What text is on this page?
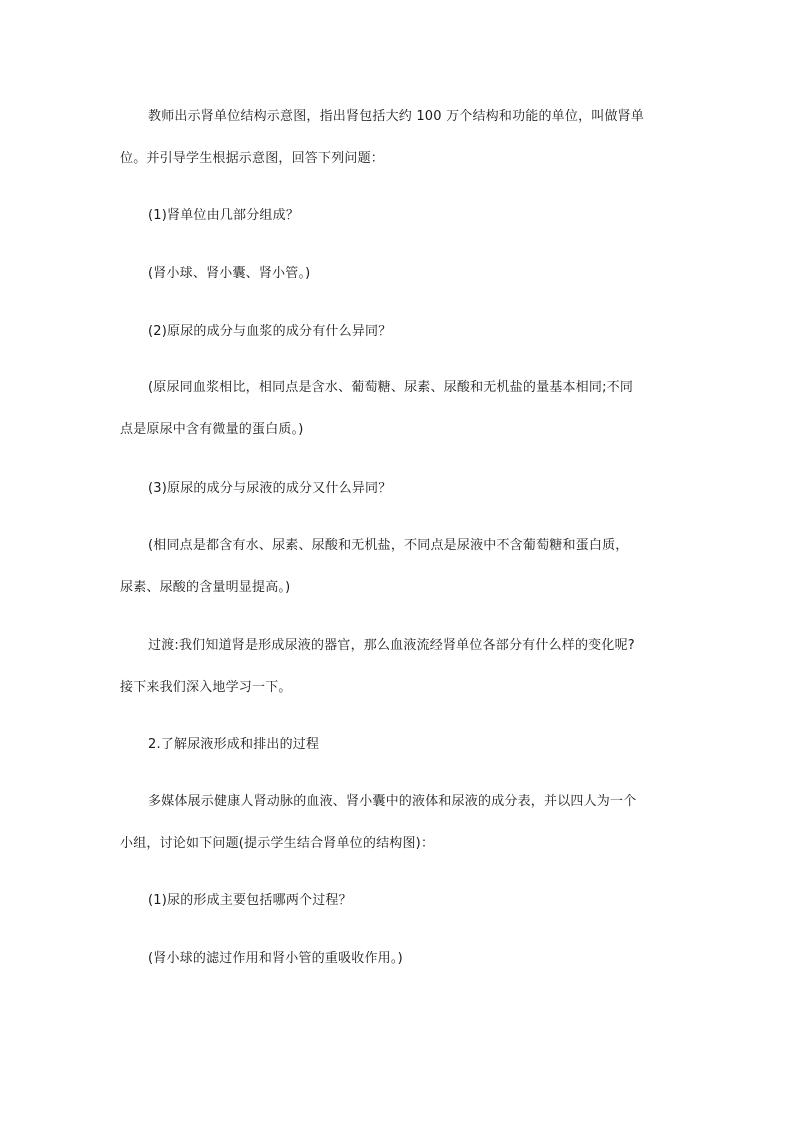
教师出示肾单位结构示意图，指出肾包括大约 100 万个结构和功能的单位，叫做肾单
位。并引导学生根据示意图，回答下列问题：
(1)肾单位由几部分组成？
(肾小球、肾小囊、肾小管。)
(2)原尿的成分与血浆的成分有什么异同？
(原尿同血浆相比，相同点是含水、葡萄糖、尿素、尿酸和无机盐的量基本相同;不同
点是原尿中含有微量的蛋白质。)
(3)原尿的成分与尿液的成分又什么异同？
(相同点是都含有水、尿素、尿酸和无机盐，不同点是尿液中不含葡萄糖和蛋白质，
尿素、尿酸的含量明显提高。)
过渡:我们知道肾是形成尿液的器官，那么血液流经肾单位各部分有什么样的变化呢?
接下来我们深入地学习一下。
2.了解尿液形成和排出的过程
多媒体展示健康人肾动脉的血液、肾小囊中的液体和尿液的成分表，并以四人为一个
小组，讨论如下问题(提示学生结合肾单位的结构图)：
(1)尿的形成主要包括哪两个过程？
(肾小球的滤过作用和肾小管的重吸收作用。)
